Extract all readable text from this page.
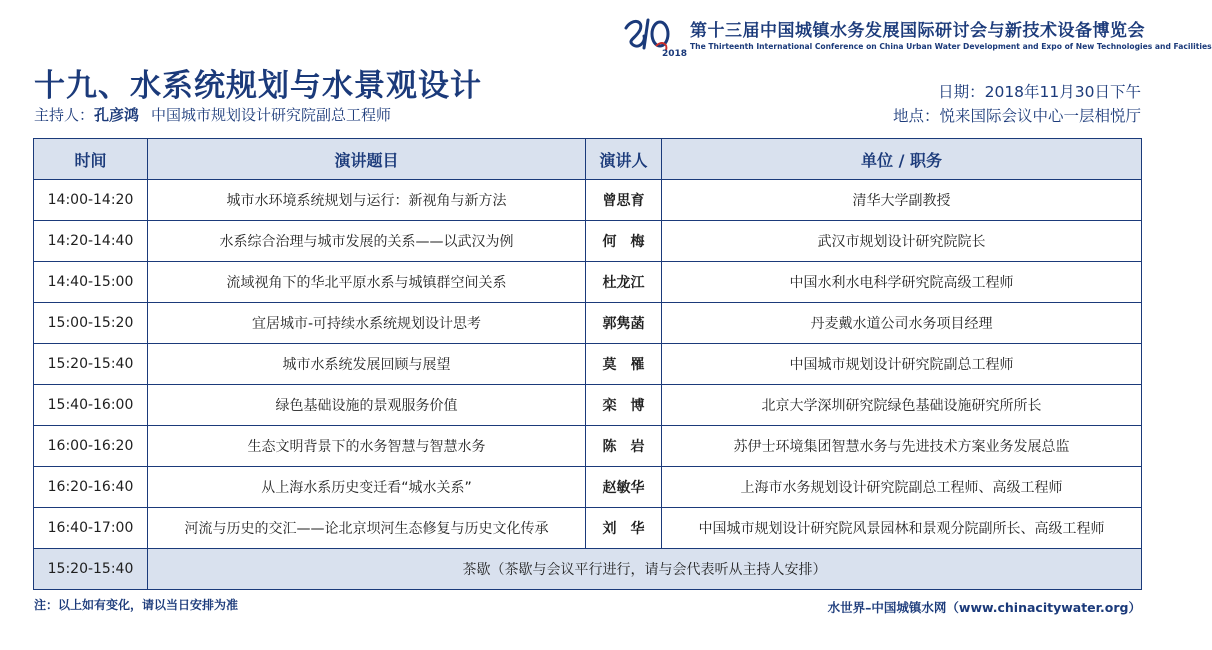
2018
第十三届中国城镇水务发展国际研讨会与新技术设备博览会
The Thirteenth International Conference on China Urban Water Development and Expo of New Technologies and Facilities
十九、水系统规划与水景观设计
主持人：孔彦鸿 中国城市规划设计研究院副总工程师
日期：2018年11月30日下午
地点：悦来国际会议中心一层相悦厅
时间	演讲题目	演讲人	单位 / 职务
14:00-14:20	城市水环境系统规划与运行：新视角与新方法	曾思育	清华大学副教授
14:20-14:40	水系综合治理与城市发展的关系——以武汉为例	何　梅	武汉市规划设计研究院院长
14:40-15:00	流域视角下的华北平原水系与城镇群空间关系	杜龙江	中国水利水电科学研究院高级工程师
15:00-15:20	宜居城市-可持续水系统规划设计思考	郭隽菡	丹麦戴水道公司水务项目经理
15:20-15:40	城市水系统发展回顾与展望	莫　罹	中国城市规划设计研究院副总工程师
15:40-16:00	绿色基础设施的景观服务价值	栾　博	北京大学深圳研究院绿色基础设施研究所所长
16:00-16:20	生态文明背景下的水务智慧与智慧水务	陈　岩	苏伊士环境集团智慧水务与先进技术方案业务发展总监
16:20-16:40	从上海水系历史变迁看“城水关系”	赵敏华	上海市水务规划设计研究院副总工程师、高级工程师
16:40-17:00	河流与历史的交汇——论北京坝河生态修复与历史文化传承	刘　华	中国城市规划设计研究院风景园林和景观分院副所长、高级工程师
15:20-15:40	茶歇（茶歇与会议平行进行，请与会代表听从主持人安排）		
注：以上如有变化，请以当日安排为准	水世界–中国城镇水网（www.chinacitywater.org）
